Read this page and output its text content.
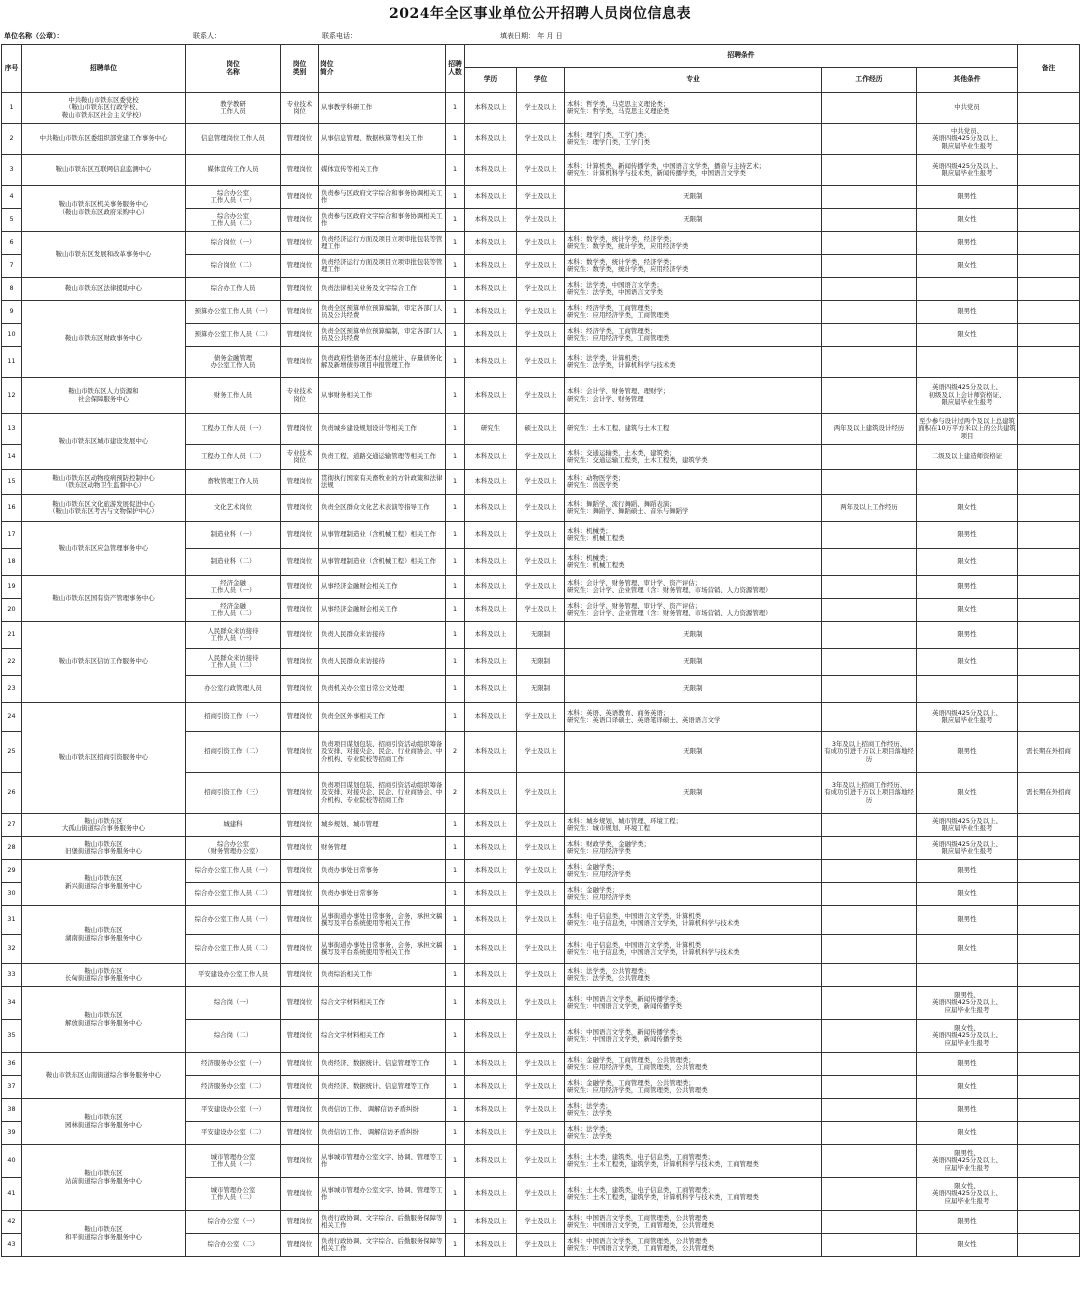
2024年全区事业单位公开招聘人员岗位信息表
单位名称（公章）：	联系人：	联系电话：	填表日期： 年 月 日
序号	招聘单位	岗位
名称	岗位
类别	岗位
简介	招聘
人数	招聘条件					备注
						学历	学位	专业	工作经历	其他条件	
1	中共鞍山市铁东区委党校
（鞍山市铁东区行政学校、
鞍山市铁东区社会主义学校）	教学教研
工作人员	专业技术
岗位	从事教学科研工作	1	本科及以上	学士及以上	本科：哲学类，马克思主义理论类；
研究生：哲学类，马克思主义理论类		中共党员	
2	中共鞍山市铁东区委组织部党建工作事务中心	信息管理岗位工作人员	管理岗位	从事信息管理、数据核算等相关工作	1	本科及以上	学士及以上	本科：理学门类，工学门类；
研究生：理学门类，工学门类		中共党员、
英语四级425分及以上、
限应届毕业生报考	
3	鞍山市铁东区互联网信息监测中心	媒体宣传工作人员	管理岗位	媒体宣传等相关工作	1	本科及以上	学士及以上	本科：计算机类，新闻传播学类，中国语言文学类，播音与主持艺术；
研究生：计算机科学与技术类，新闻传播学类，中国语言文学类		英语四级425分及以上、
限应届毕业生报考	
4	鞍山市铁东区机关事务服务中心
（鞍山市铁东区政府采购中心）	综合办公室
工作人员（一）	管理岗位	负责参与区政府文字综合和事务协调相关工作	1	本科及以上	学士及以上	无限制		限男性	
5		综合办公室
工作人员（二）	管理岗位	负责参与区政府文字综合和事务协调相关工作	1	本科及以上	学士及以上	无限制		限女性	
6	鞍山市铁东区发展和改革事务中心	综合岗位（一）	管理岗位	负责经济运行方面及项目立项审批包装等管理工作	1	本科及以上	学士及以上	本科：数学类，统计学类，经济学类；
研究生：数学类，统计学类，应用经济学类		限男性	
7		综合岗位（二）	管理岗位	负责经济运行方面及项目立项审批包装等管理工作	1	本科及以上	学士及以上	本科：数学类，统计学类，经济学类；
研究生：数学类，统计学类，应用经济学类		限女性	
8	鞍山市铁东区法律援助中心	综合办工作人员	管理岗位	负责法律相关业务及文字综合工作	1	本科及以上	学士及以上	本科：法学类，中国语言文学类；
研究生：法学类，中国语言文学类			
9	鞍山市铁东区财政事务中心	预算办公室工作人员（一）	管理岗位	负责全区预算单位预算编制，审定各部门人员及公共经费	1	本科及以上	学士及以上	本科：经济学类，工商管理类；
研究生：应用经济学类，工商管理类		限男性	
10		预算办公室工作人员（二）	管理岗位	负责全区预算单位预算编制，审定各部门人员及公共经费	1	本科及以上	学士及以上	本科：经济学类，工商管理类；
研究生：应用经济学类，工商管理类		限女性	
11		债务金融管理
办公室工作人员	管理岗位	负责政府性债务还本付息统计、存量债务化解及新增债券项目申报管理工作	1	本科及以上	学士及以上	本科：法学类，计算机类；
研究生：法学类，计算机科学与技术类			
12	鞍山市铁东区人力资源和
社会保障服务中心	财务工作人员	专业技术
岗位	从事财务相关工作	1	本科及以上	学士及以上	本科：会计学、财务管理、理财学；
研究生：会计学、财务管理		英语四级425分及以上、
初级及以上会计师资格证、
限应届毕业生报考	
13	鞍山市铁东区城市建设发展中心	工程办工作人员（一）	管理岗位	负责城乡建设规划设计等相关工作	1	研究生	硕士及以上	研究生：土木工程、建筑与土木工程	两年及以上建筑设计经历	至少参与设计过两个及以上总建筑面积在10万平方米以上的公共建筑项目	
14		工程办工作人员（二）	专业技术
岗位	负责工程、道路交通运输管理等相关工作	1	本科及以上	学士及以上	本科：交通运输类，土木类，建筑类；
研究生：交通运输工程类，土木工程类，建筑学类		二级及以上建造师资格证	
15	鞍山市铁东区动物疫病预防控制中心
（铁东区动物卫生监督中心）	畜牧管理工作人员	管理岗位	贯彻执行国家有关畜牧业的方针政策和法律法规	1	本科及以上	学士及以上	本科：动物医学类；
研究生：兽医学类			
16	鞍山市铁东区文化旅游发展促进中心
（鞍山市铁东区考古与文物保护中心）	文化艺术岗位	管理岗位	负责全区群众文化艺术表演等指导工作	1	本科及以上	学士及以上	本科：舞蹈学、流行舞蹈、舞蹈表演；
研究生：舞蹈学、舞蹈硕士、音乐与舞蹈学	两年及以上工作经历	限女性	
17	鞍山市铁东区应急管理事务中心	制造业科（一）	管理岗位	从事管理制造业（含机械工程）相关工作	1	本科及以上	学士及以上	本科：机械类；
研究生：机械工程类		限男性	
18		制造业科（二）	管理岗位	从事管理制造业（含机械工程）相关工作	1	本科及以上	学士及以上	本科：机械类；
研究生：机械工程类		限女性	
19	鞍山市铁东区国有资产管理事务中心	经济金融
工作人员（一）	管理岗位	从事经济金融财会相关工作	1	本科及以上	学士及以上	本科：会计学、财务管理、审计学、资产评估；
研究生：会计学、企业管理（含：财务管理、市场营销、人力资源管理）		限男性	
20		经济金融
工作人员（二）	管理岗位	从事经济金融财会相关工作	1	本科及以上	学士及以上	本科：会计学、财务管理、审计学、资产评估；
研究生：会计学、企业管理（含：财务管理、市场营销、人力资源管理）		限女性	
21	鞍山市铁东区信访工作服务中心	人民群众来访接待
工作人员（一）	管理岗位	负责人民群众来访接待	1	本科及以上	无限制	无限制		限男性	
22		人民群众来访接待
工作人员（二）	管理岗位	负责人民群众来访接待	1	本科及以上	无限制	无限制		限女性	
23		办公室行政管理人员	管理岗位	负责机关办公室日常公文处理	1	本科及以上	无限制	无限制			
24	鞍山市铁东区招商引资服务中心	招商引资工作（一）	管理岗位	负责全区外事相关工作	1	本科及以上	学士及以上	本科：英语、英语教育、商务英语；
研究生：英语口译硕士、英语笔译硕士、英语语言文学		英语四级425分及以上、
限应届毕业生报考	
25		招商引资工作（二）	管理岗位	负责项目谋划包装、招商引资活动组织筹备及安排、对接央企、民企、行业商协会、中介机构、专业院校等招商工作	2	本科及以上	学士及以上	无限制	3年及以上招商工作经历、
有成功引进千万以上项目落地经历	限男性	需长期在外招商
26		招商引资工作（三）	管理岗位	负责项目谋划包装、招商引资活动组织筹备及安排、对接央企、民企、行业商协会、中介机构、专业院校等招商工作	2	本科及以上	学士及以上	无限制	3年及以上招商工作经历、
有成功引进千万以上项目落地经历	限女性	需长期在外招商
27	鞍山市铁东区
大孤山街道综合事务服务中心	城建科	管理岗位	城乡规划、城市管理	1	本科及以上	学士及以上	本科：城乡规划、城市管理、环境工程；
研究生：城市规划、环境工程		英语四级425分及以上、
限应届毕业生报考	
28	鞍山市铁东区
旧堡街道综合事务服务中心	综合办公室
（财务管理办公室）	管理岗位	财务管理	1	本科及以上	学士及以上	本科：财政学类，金融学类；
研究生：应用经济学类		英语四级425分及以上、
限应届毕业生报考	
29	鞍山市铁东区
新兴街道综合事务服务中心	综合办公室工作人员（一）	管理岗位	负责办事处日常事务	1	本科及以上	学士及以上	本科：金融学类；
研究生：应用经济学类		限男性	
30		综合办公室工作人员（二）	管理岗位	负责办事处日常事务	1	本科及以上	学士及以上	本科：金融学类；
研究生：应用经济学类		限女性	
31	鞍山市铁东区
湖南街道综合事务服务中心	综合办公室工作人员（一）	管理岗位	从事街道办事处日常事务，会务，承担文稿撰写及平台系统使用等相关工作	1	本科及以上	学士及以上	本科：电子信息类，中国语言文学类，计算机类
研究生：电子信息类，中国语言文学类，计算机科学与技术类		限男性	
32		综合办公室工作人员（二）	管理岗位	从事街道办事处日常事务，会务，承担文稿撰写及平台系统使用等相关工作	1	本科及以上	学士及以上	本科：电子信息类，中国语言文学类，计算机类
研究生：电子信息类，中国语言文学类，计算机科学与技术类		限女性	
33	鞍山市铁东区
长甸街道综合事务服务中心	平安建设办公室工作人员	管理岗位	负责综治相关工作	1	本科及以上	学士及以上	本科：法学类，公共管理类；
研究生：法学类，公共管理类			
34	鞍山市铁东区
解放街道综合事务服务中心	综合岗（一）	管理岗位	综合文字材料相关工作	1	本科及以上	学士及以上	本科：中国语言文学类，新闻传播学类；
研究生：中国语言文学类，新闻传播学类		限男性、
英语四级425分及以上、
应届毕业生报考	
35		综合岗（二）	管理岗位	综合文字材料相关工作	1	本科及以上	学士及以上	本科：中国语言文学类，新闻传播学类；
研究生：中国语言文学类，新闻传播学类		限女性、
英语四级425分及以上、
应届毕业生报考	
36	鞍山市铁东区山南街道综合事务服务中心	经济服务办公室（一）	管理岗位	负责经济、数据统计、信息管理等工作	1	本科及以上	学士及以上	本科：金融学类，工商管理类，公共管理类；
研究生：应用经济学类，工商管理类，公共管理类		限男性	
37		经济服务办公室（二）	管理岗位	负责经济、数据统计、信息管理等工作	1	本科及以上	学士及以上	本科：金融学类，工商管理类，公共管理类；
研究生：应用经济学类，工商管理类，公共管理类		限女性	
38	鞍山市铁东区
园林街道综合事务服务中心	平安建设办公室（一）	管理岗位	负责信访工作、 调解信访矛盾纠纷	1	本科及以上	学士及以上	本科：法学类；
研究生：法学类		限男性	
39		平安建设办公室（二）	管理岗位	负责信访工作、 调解信访矛盾纠纷	1	本科及以上	学士及以上	本科：法学类；
研究生：法学类		限女性	
40	鞍山市铁东区
站前街道综合事务服务中心	城市管理办公室
工作人员（一）	管理岗位	从事城市管理办公室文字、协调、管理等工作	1	本科及以上	学士及以上	本科：土木类，建筑类，电子信息类，工商管理类；
研究生：土木工程类，建筑学类，计算机科学与技术类，工商管理类		限男性、
英语四级425分及以上、
应届毕业生报考	
41		城市管理办公室
工作人员（二）	管理岗位	从事城市管理办公室文字、协调、管理等工作	1	本科及以上	学士及以上	本科：土木类，建筑类，电子信息类，工商管理类；
研究生：土木工程类，建筑学类，计算机科学与技术类，工商管理类		限女性、
英语四级425分及以上、
应届毕业生报考	
42	鞍山市铁东区
和平街道综合事务服务中心	综合办公室（一）	管理岗位	负责行政协调、文字综合、后勤服务保障等相关工作	1	本科及以上	学士及以上	本科：中国语言文学类，工商管理类，公共管理类
研究生：中国语言文学类，工商管理类，公共管理类		限男性	
43		综合办公室（二）	管理岗位	负责行政协调、文字综合、后勤服务保障等相关工作	1	本科及以上	学士及以上	本科：中国语言文学类，工商管理类，公共管理类
研究生：中国语言文学类，工商管理类，公共管理类		限女性	
